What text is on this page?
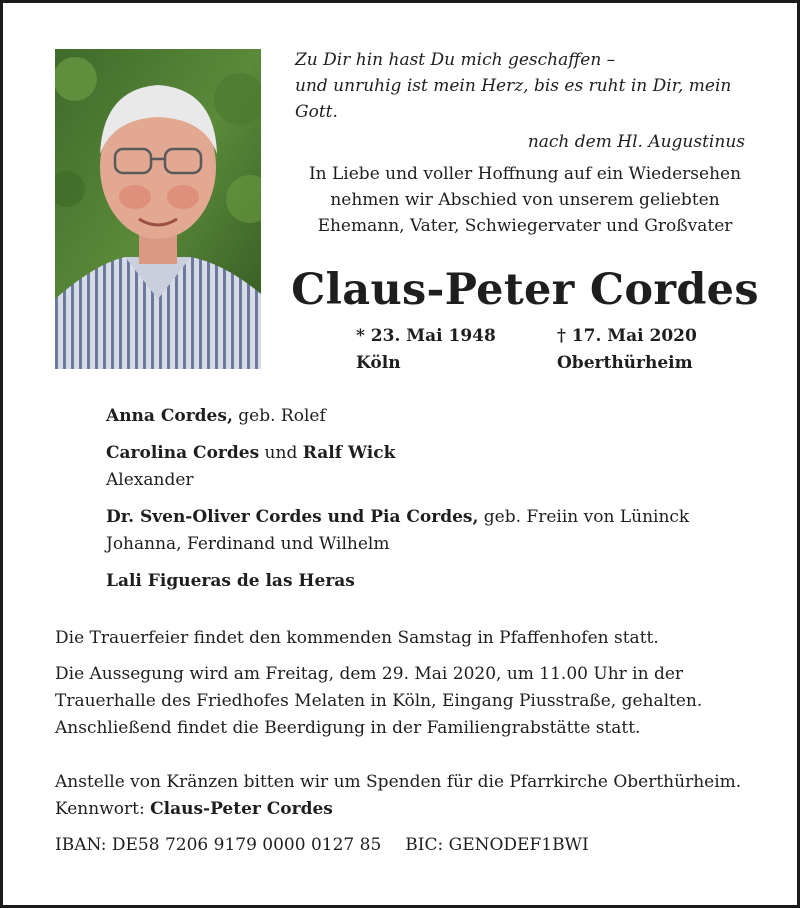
Zu Dir hin hast Du mich geschaffen –
und unruhig ist mein Herz, bis es ruht in Dir, mein Gott.
nach dem Hl. Augustinus
In Liebe und voller Hoffnung auf ein Wiedersehen
nehmen wir Abschied von unserem geliebten
Ehemann, Vater, Schwiegervater und Großvater
Claus-Peter Cordes
* 23. Mai 1948
Köln
† 17. Mai 2020
Oberthürheim
Anna Cordes, geb. Rolef
Carolina Cordes und Ralf Wick
Alexander
Dr. Sven-Oliver Cordes und Pia Cordes, geb. Freiin von Lüninck
Johanna, Ferdinand und Wilhelm
Lali Figueras de las Heras

Die Trauerfeier findet den kommenden Samstag in Pfaffenhofen statt.

Die Aussegung wird am Freitag, dem 29. Mai 2020, um 11.00 Uhr in der

Trauerhalle des Friedhofes Melaten in Köln, Eingang Piusstraße, gehalten.

Anschließend findet die Beerdigung in der Familiengrabstätte statt.

Anstelle von Kränzen bitten wir um Spenden für die Pfarrkirche Oberthürheim.

Kennwort: Claus-Peter Cordes

IBAN: DE58 7206 9179 0000 0127 85 BIC: GENODEF1BWI
